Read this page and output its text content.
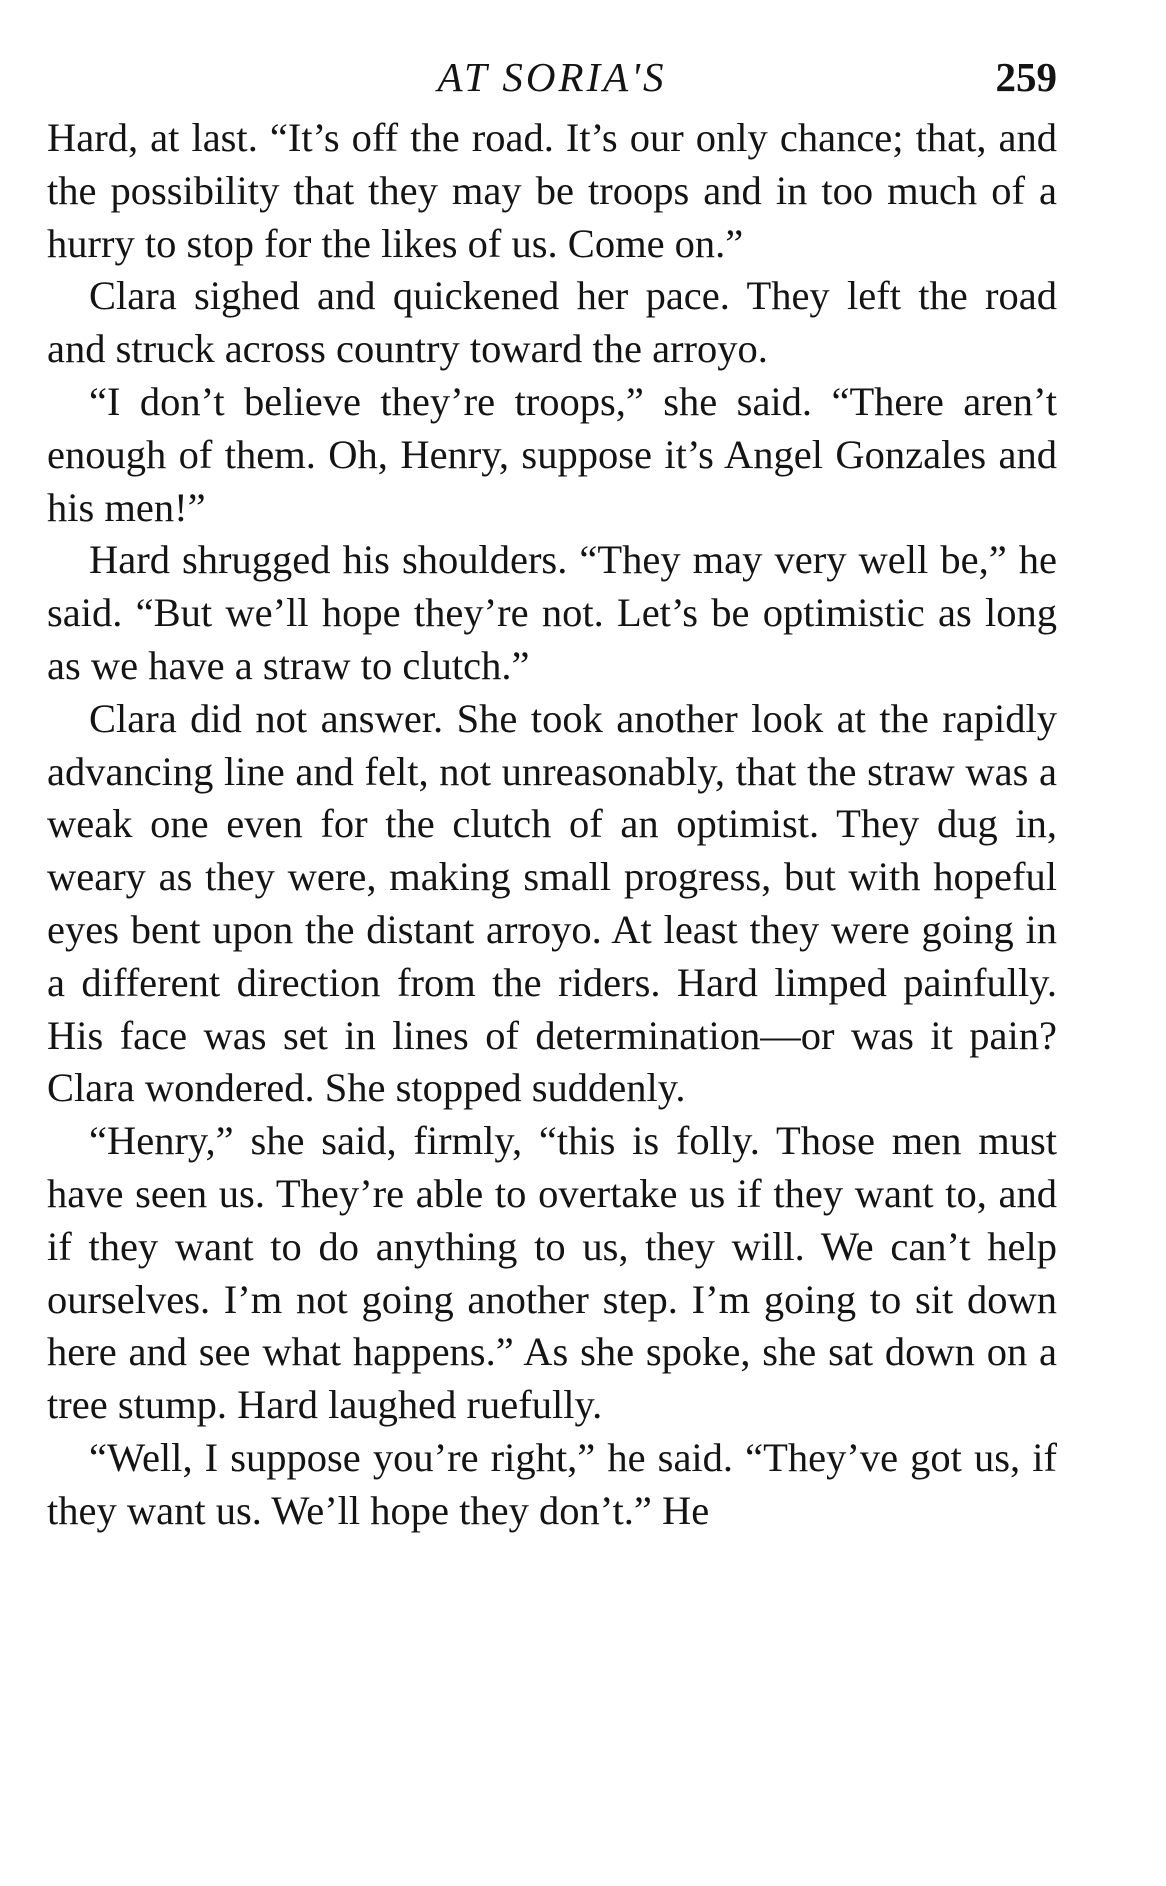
AT SORIA'S	259

Hard, at last. “It’s off the road. It’s our only chance; that, and the possibility that they may be troops and in too much of a hurry to stop for the likes of us. Come on.”

Clara sighed and quickened her pace. They left the road and struck across country toward the arroyo.

“I don’t believe they’re troops,” she said. “There aren’t enough of them. Oh, Henry, suppose it’s Angel Gonzales and his men!”

Hard shrugged his shoulders. “They may very well be,” he said. “But we’ll hope they’re not. Let’s be optimistic as long as we have a straw to clutch.”

Clara did not answer. She took another look at the rapidly advancing line and felt, not unreasonably, that the straw was a weak one even for the clutch of an optimist. They dug in, weary as they were, making small progress, but with hopeful eyes bent upon the distant arroyo. At least they were going in a different direction from the riders. Hard limped painfully. His face was set in lines of determination—or was it pain? Clara wondered. She stopped suddenly.

“Henry,” she said, firmly, “this is folly. Those men must have seen us. They’re able to overtake us if they want to, and if they want to do anything to us, they will. We can’t help ourselves. I’m not going another step. I’m going to sit down here and see what happens.” As she spoke, she sat down on a tree stump. Hard laughed ruefully.

“Well, I suppose you’re right,” he said. “They’ve got us, if they want us. We’ll hope they don’t.” He
